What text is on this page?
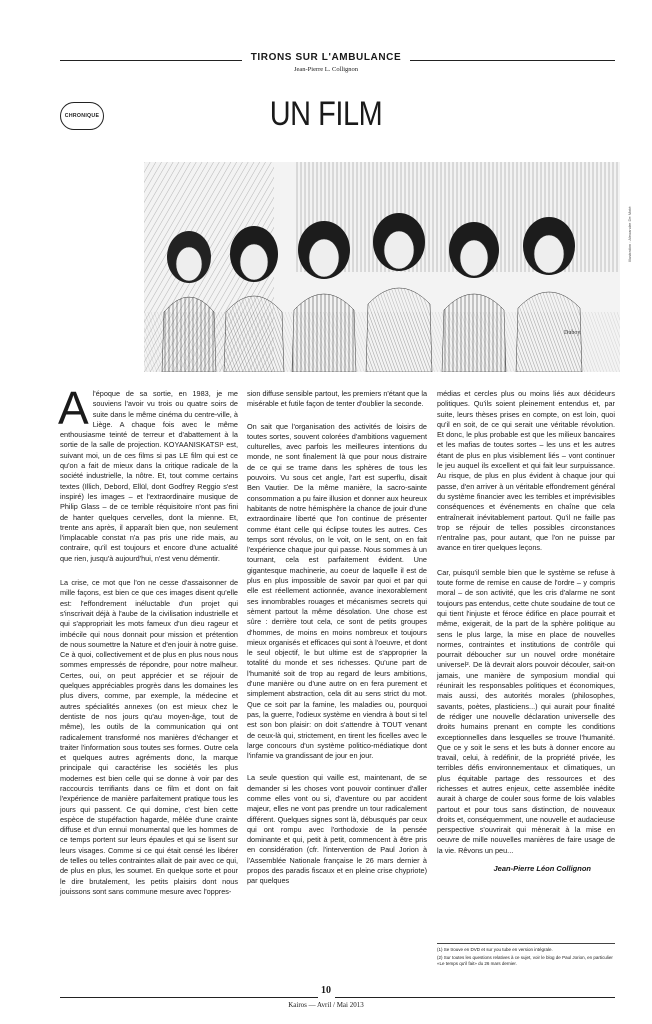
TIRONS SUR L'AMBULANCE
Jean-Pierre L. Collignon
CHRONIQUE	UN FILM
Duboy
Illustration : Alexandre De Moté

Al'époque de sa sortie, en 1983, je me souviens l'avoir vu trois ou quatre soirs de suite dans le même cinéma du centre-ville, à Liège. A chaque fois avec le même enthousiasme teinté de terreur et d'abattement à la sortie de la salle de projection. KOYAANISKATSI¹ est, suivant moi, un de ces films si pas LE film qui est ce qu'on a fait de mieux dans la critique radicale de la société industrielle, la nôtre. Et, tout comme certains textes (Illich, Debord, Ellül, dont Godfrey Reggio s'est inspiré) les images – et l'extraordinaire musique de Philip Glass – de ce terrible réquisitoire n'ont pas fini de hanter quelques cervelles, dont la mienne. Et, trente ans après, il apparaît bien que, non seulement l'implacable constat n'a pas pris une ride mais, au contraire, qu'il est toujours et encore d'une actualité que rien, jusqu'à aujourd'hui, n'est venu démentir.

La crise, ce mot que l'on ne cesse d'assaisonner de mille façons, est bien ce que ces images disent qu'elle est: l'effondrement inéluctable d'un projet qui s'inscrivait déjà à l'aube de la civilisation industrielle et qui s'appropriait les mots fameux d'un dieu rageur et imbécile qui nous donnait pour mission et prétention de nous soumettre la Nature et d'en jouir à notre guise. Ce à quoi, collectivement et de plus en plus nous nous sommes empressés de répondre, pour notre malheur. Certes, oui, on peut apprécier et se réjouir de quelques appréciables progrès dans les domaines les plus divers, comme, par exemple, la médecine et autres spécialités annexes (on est mieux chez le dentiste de nos jours qu'au moyen-âge, tout de même), les outils de la communication qui ont radicalement transformé nos manières d'échanger et traiter l'information sous toutes ses formes. Outre cela et quelques autres agréments donc, la marque principale qui caractérise les sociétés les plus modernes est bien celle qui se donne à voir par des raccourcis terrifiants dans ce film et dont on fait l'expérience de manière parfaitement pratique tous les jours qui passent. Ce qui domine, c'est bien cette espèce de stupéfaction hagarde, mêlée d'une crainte diffuse et d'un ennui monumental que les hommes de ce temps portent sur leurs épaules et qui se lisent sur leurs visages. Comme si ce qui était censé les libérer de telles ou telles contraintes allait de pair avec ce qui, de plus en plus, les soumet. En quelque sorte et pour le dire brutalement, les petits plaisirs dont nous jouissons sont sans commune mesure avec l'oppres-

sion diffuse sensible partout, les premiers n'étant que la misérable et futile façon de tenter d'oublier la seconde.

On sait que l'organisation des activités de loisirs de toutes sortes, souvent colorées d'ambitions vaguement culturelles, avec parfois les meilleures intentions du monde, ne sont finalement là que pour nous distraire de ce qui se trame dans les sphères de tous les pouvoirs. Vu sous cet angle, l'art est superflu, disait Ben Vautier. De la même manière, la sacro-sainte consommation a pu faire illusion et donner aux heureux habitants de notre hémisphère la chance de jouir d'une extraordinaire liberté que l'on continue de présenter comme étant celle qui éclipse toutes les autres. Ces temps sont révolus, on le voit, on le sent, on en fait l'expérience chaque jour qui passe. Nous sommes à un tournant, cela est parfaitement évident. Une gigantesque machinerie, au coeur de laquelle il est de plus en plus impossible de savoir par quoi et par qui elle est réellement actionnée, avance inexorablement ses innombrables rouages et mécanismes secrets qui sèment partout la même désolation. Une chose est sûre : derrière tout cela, ce sont de petits groupes d'hommes, de moins en moins nombreux et toujours mieux organisés et efficaces qui sont à l'oeuvre, et dont le seul objectif, le but ultime est de s'approprier la totalité du monde et ses richesses. Qu'une part de l'humanité soit de trop au regard de leurs ambitions, d'une manière ou d'une autre on en fera purement et simplement abstraction, cela dit au sens strict du mot. Que ce soit par la famine, les maladies ou, pourquoi pas, la guerre, l'odieux système en viendra à bout si tel est son bon plaisir: on doit s'attendre à TOUT venant de ceux-là qui, strictement, en tirent les ficelles avec le large concours d'un système politico-médiatique dont l'infamie va grandissant de jour en jour.

La seule question qui vaille est, maintenant, de se demander si les choses vont pouvoir continuer d'aller comme elles vont ou si, d'aventure ou par accident majeur, elles ne vont pas prendre un tour radicalement différent. Quelques signes sont là, débusqués par ceux qui ont rompu avec l'orthodoxie de la pensée dominante et qui, petit à petit, commencent à être pris en considération (cfr. l'intervention de Paul Jorion à l'Assemblée Nationale française le 26 mars dernier à propos des paradis fiscaux et en pleine crise chypriote) par quelques

médias et cercles plus ou moins liés aux décideurs politiques. Qu'ils soient pleinement entendus et, par suite, leurs thèses prises en compte, on est loin, quoi qu'il en soit, de ce qui serait une véritable révolution. Et donc, le plus probable est que les milieux bancaires et les mafias de toutes sortes – les uns et les autres étant de plus en plus visiblement liés – vont continuer le jeu auquel ils excellent et qui fait leur surpuissance. Au risque, de plus en plus évident à chaque jour qui passe, d'en arriver à un véritable effondrement général du système financier avec les terribles et imprévisibles conséquences et événements en chaîne que cela entraînerait inévitablement partout. Qu'il ne faille pas trop se réjouir de telles possibles circonstances n'entraîne pas, pour autant, que l'on ne puisse par avance en tirer quelques leçons.

Car, puisqu'il semble bien que le système se refuse à toute forme de remise en cause de l'ordre – y compris moral – de son activité, que les cris d'alarme ne sont toujours pas entendus, cette chute soudaine de tout ce qui tient l'injuste et féroce édifice en place pourrait et même, exigerait, de la part de la sphère politique au sens le plus large, la mise en place de nouvelles normes, contraintes et institutions de contrôle qui pourrait déboucher sur un nouvel ordre monétaire universel². De là devrait alors pouvoir découler, sait-on jamais, une manière de symposium mondial qui réunirait les responsables politiques et économiques, mais aussi, des autorités morales (philosophes, savants, poètes, plasticiens...) qui aurait pour finalité de rédiger une nouvelle déclaration universelle des droits humains prenant en compte les conditions exceptionnelles dans lesquelles se trouve l'humanité. Que ce y soit le sens et les buts à donner encore au travail, celui, à redéfinir, de la propriété privée, les terribles défis environnementaux et climatiques, un plus équitable partage des ressources et des richesses et autres enjeux, cette assemblée inédite aurait à charge de couler sous forme de lois valables partout et pour tous sans distinction, de nouveaux droits et, conséquemment, une nouvelle et audacieuse perspective s'ouvrirait qui mènerait à la mise en oeuvre de mille nouvelles manières de faire usage de la vie. Rêvons un peu...

Jean-Pierre Léon Collignon
(1) Se trouve en DVD et sur you tube en version intégrale.
(2) Sur toutes les questions relatives à ce sujet, voir le blog de Paul Jorion, en particulier «Le temps qu'il fait» du 26 mars dernier.
10
Kairos — Avril / Mai 2013
